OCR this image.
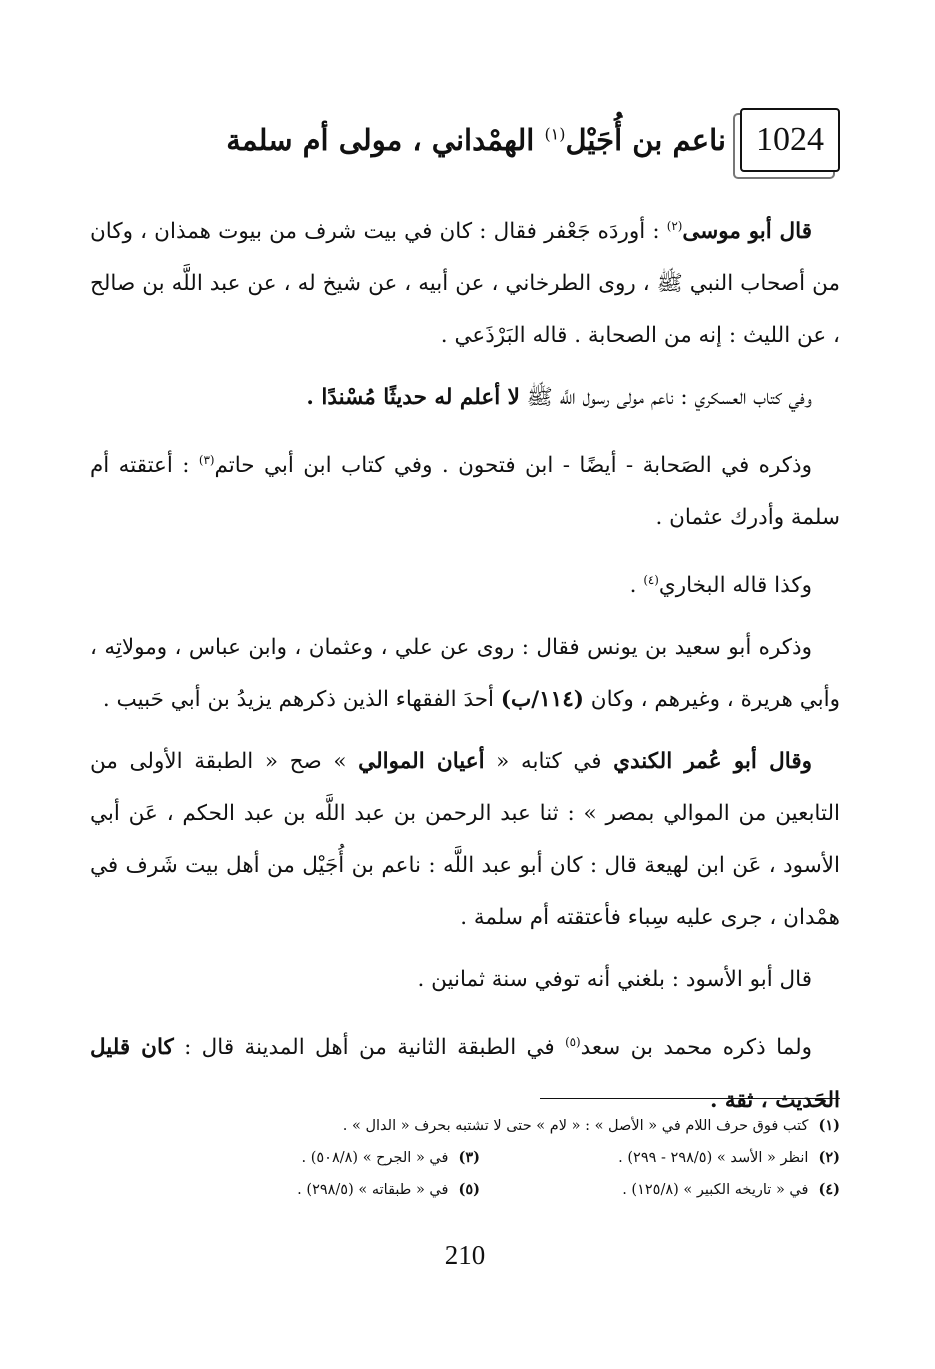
1024
ناعم بن أُجَيْل$^{(١)}$ الهمْداني ، مولى أم سلمة

قال أبو موسى$^{(٢)}$ : أوردَه جَعْفر فقال : كان في بيت شرف من بيوت همذان ، وكان من أصحاب النبي ﷺ ، روى الطرخاني ، عن أبيه ، عن شيخ له ، عن عبد اللَّه بن صالح ، عن الليث : إنه من الصحابة . قاله البَرْذَعي .

وفي كتاب العسكري : ناعم مولى رسول اللَّه ﷺ لا أعلم له حديثًا مُسْندًا .

وذكره في الصَحابة - أيضًا - ابن فتحون . وفي كتاب ابن أبي حاتم$^{(٣)}$ : أعتقته أم سلمة وأدرك عثمان .

وكذا قاله البخاري$^{(٤)}$ .

وذكره أبو سعيد بن يونس فقال : روى عن علي ، وعثمان ، وابن عباس ، ومولاتِه ، وأبي هريرة ، وغيرهم ، وكان (١١٤/ب) أحدَ الفقهاء الذين ذكرهم يزيدُ بن أبي حَبيب .

وقال أبو عُمر الكندي في كتابه « أعيان الموالي » صح « الطبقة الأولى من التابعين من الموالي بمصر » : ثنا عبد الرحمن بن عبد اللَّه بن عبد الحكم ، عَن أبي الأسود ، عَن ابن لهيعة قال : كان أبو عبد اللَّه : ناعم بن أُجَيْل من أهل بيت شَرف في همْدان ، جرى عليه سِباء فأعتقته أم سلمة .

قال أبو الأسود : بلغني أنه توفي سنة ثمانين .

ولما ذكره محمد بن سعد$^{(٥)}$ في الطبقة الثانية من أهل المدينة قال : كان قليل الحَديث ، ثقة .

(١)كتب فوق حرف اللام في « الأصل » : « لام » حتى لا تشتبه بحرف « الدال » .
(٢)انظر « الأسد » (٢٩٨/٥ - ٢٩٩) .
(٣)في « الجرح » (٥٠٨/٨) .
(٤)في « تاريخه الكبير » (١٢٥/٨) .
(٥)في « طبقاته » (٢٩٨/٥) .
210
